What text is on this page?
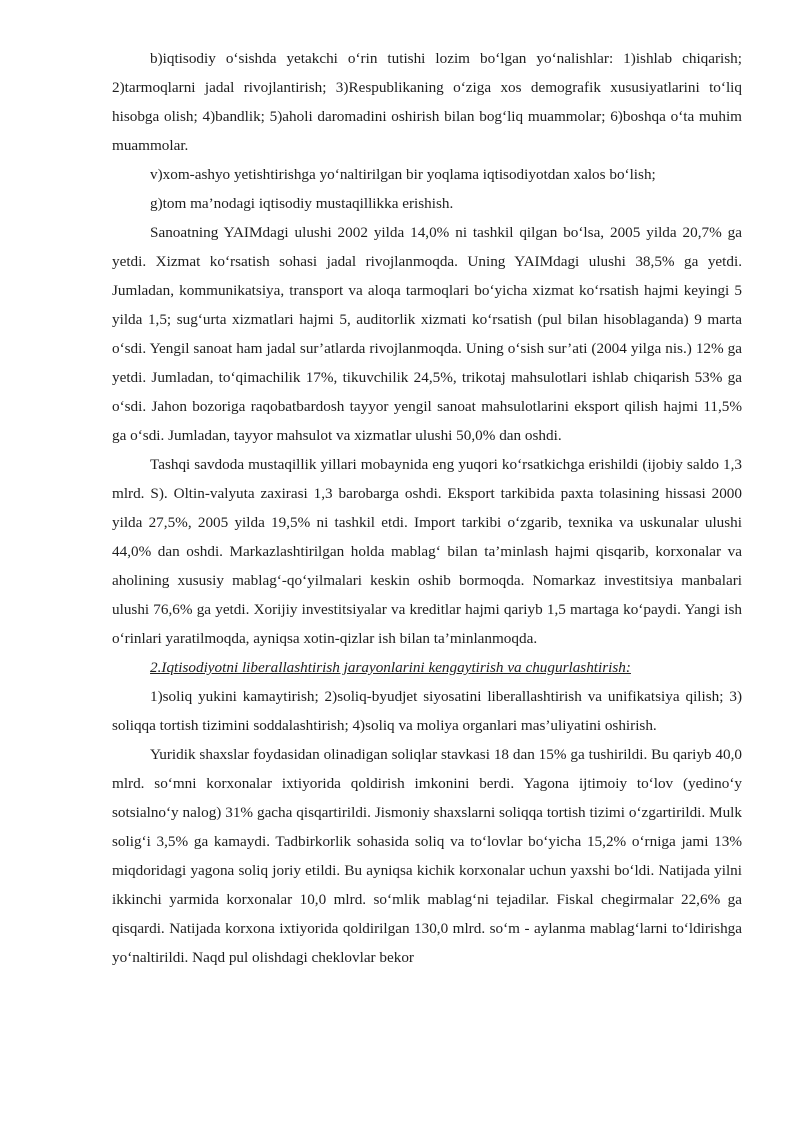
b)iqtisodiy o‘sishda yetakchi o‘rin tutishi lozim bo‘lgan yo‘nalishlar: 1)ishlab chiqarish; 2)tarmoqlarni jadal rivojlantirish; 3)Respublikaning o‘ziga xos demografik xususiyatlarini to‘liq hisobga olish; 4)bandlik; 5)aholi daromadini oshirish bilan bog‘liq muammolar; 6)boshqa o‘ta muhim muammolar.

v)xom-ashyo yetishtirishga yo‘naltirilgan bir yoqlama iqtisodiyotdan xalos bo‘lish;

g)tom ma’nodagi iqtisodiy mustaqillikka erishish.

Sanoatning YAIMdagi ulushi 2002 yilda 14,0% ni tashkil qilgan bo‘lsa, 2005 yilda 20,7% ga yetdi. Xizmat ko‘rsatish sohasi jadal rivojlanmoqda. Uning YAIMdagi ulushi 38,5% ga yetdi. Jumladan, kommunikatsiya, transport va aloqa tarmoqlari bo‘yicha xizmat ko‘rsatish hajmi keyingi 5 yilda 1,5; sug‘urta xizmatlari hajmi 5, auditorlik xizmati ko‘rsatish (pul bilan hisoblaganda) 9 marta o‘sdi. Yengil sanoat ham jadal sur’atlarda rivojlanmoqda. Uning o‘sish sur’ati (2004 yilga nis.) 12% ga yetdi. Jumladan, to‘qimachilik 17%, tikuvchilik 24,5%, trikotaj mahsulotlari ishlab chiqarish 53% ga o‘sdi. Jahon bozoriga raqobatbardosh tayyor yengil sanoat mahsulotlarini eksport qilish hajmi 11,5% ga o‘sdi. Jumladan, tayyor mahsulot va xizmatlar ulushi 50,0% dan oshdi.

Tashqi savdoda mustaqillik yillari mobaynida eng yuqori ko‘rsatkichga erishildi (ijobiy saldo 1,3 mlrd. S). Oltin-valyuta zaxirasi 1,3 barobarga oshdi. Eksport tarkibida paxta tolasining hissasi 2000 yilda 27,5%, 2005 yilda 19,5% ni tashkil etdi. Import tarkibi o‘zgarib, texnika va uskunalar ulushi 44,0% dan oshdi. Markazlashtirilgan holda mablag‘ bilan ta’minlash hajmi qisqarib, korxonalar va aholining xususiy mablag‘-qo‘yilmalari keskin oshib bormoqda. Nomarkaz investitsiya manbalari ulushi 76,6% ga yetdi. Xorijiy investitsiyalar va kreditlar hajmi qariyb 1,5 martaga ko‘paydi. Yangi ish o‘rinlari yaratilmoqda, ayniqsa xotin-qizlar ish bilan ta’minlanmoqda.

2.Iqtisodiyotni liberallashtirish jarayonlarini kengaytirish va chugurlashtirish:

1)soliq yukini kamaytirish; 2)soliq-byudjet siyosatini liberallashtirish va unifikatsiya qilish; 3) soliqqa tortish tizimini soddalashtirish; 4)soliq va moliya organlari mas’uliyatini oshirish.

Yuridik shaxslar foydasidan olinadigan soliqlar stavkasi 18 dan 15% ga tushirildi. Bu qariyb 40,0 mlrd. so‘mni korxonalar ixtiyorida qoldirish imkonini berdi. Yagona ijtimoiy to‘lov (yedino‘y sotsialno‘y nalog) 31% gacha qisqartirildi. Jismoniy shaxslarni soliqqa tortish tizimi o‘zgartirildi. Mulk solig‘i 3,5% ga kamaydi. Tadbirkorlik sohasida soliq va to‘lovlar bo‘yicha 15,2% o‘rniga jami 13% miqdoridagi yagona soliq joriy etildi. Bu ayniqsa kichik korxonalar uchun yaxshi bo‘ldi. Natijada yilni ikkinchi yarmida korxonalar 10,0 mlrd. so‘mlik mablag‘ni tejadilar. Fiskal chegirmalar 22,6% ga qisqardi. Natijada korxona ixtiyorida qoldirilgan 130,0 mlrd. so‘m - aylanma mablag‘larni to‘ldirishga yo‘naltirildi. Naqd pul olishdagi cheklovlar bekor
